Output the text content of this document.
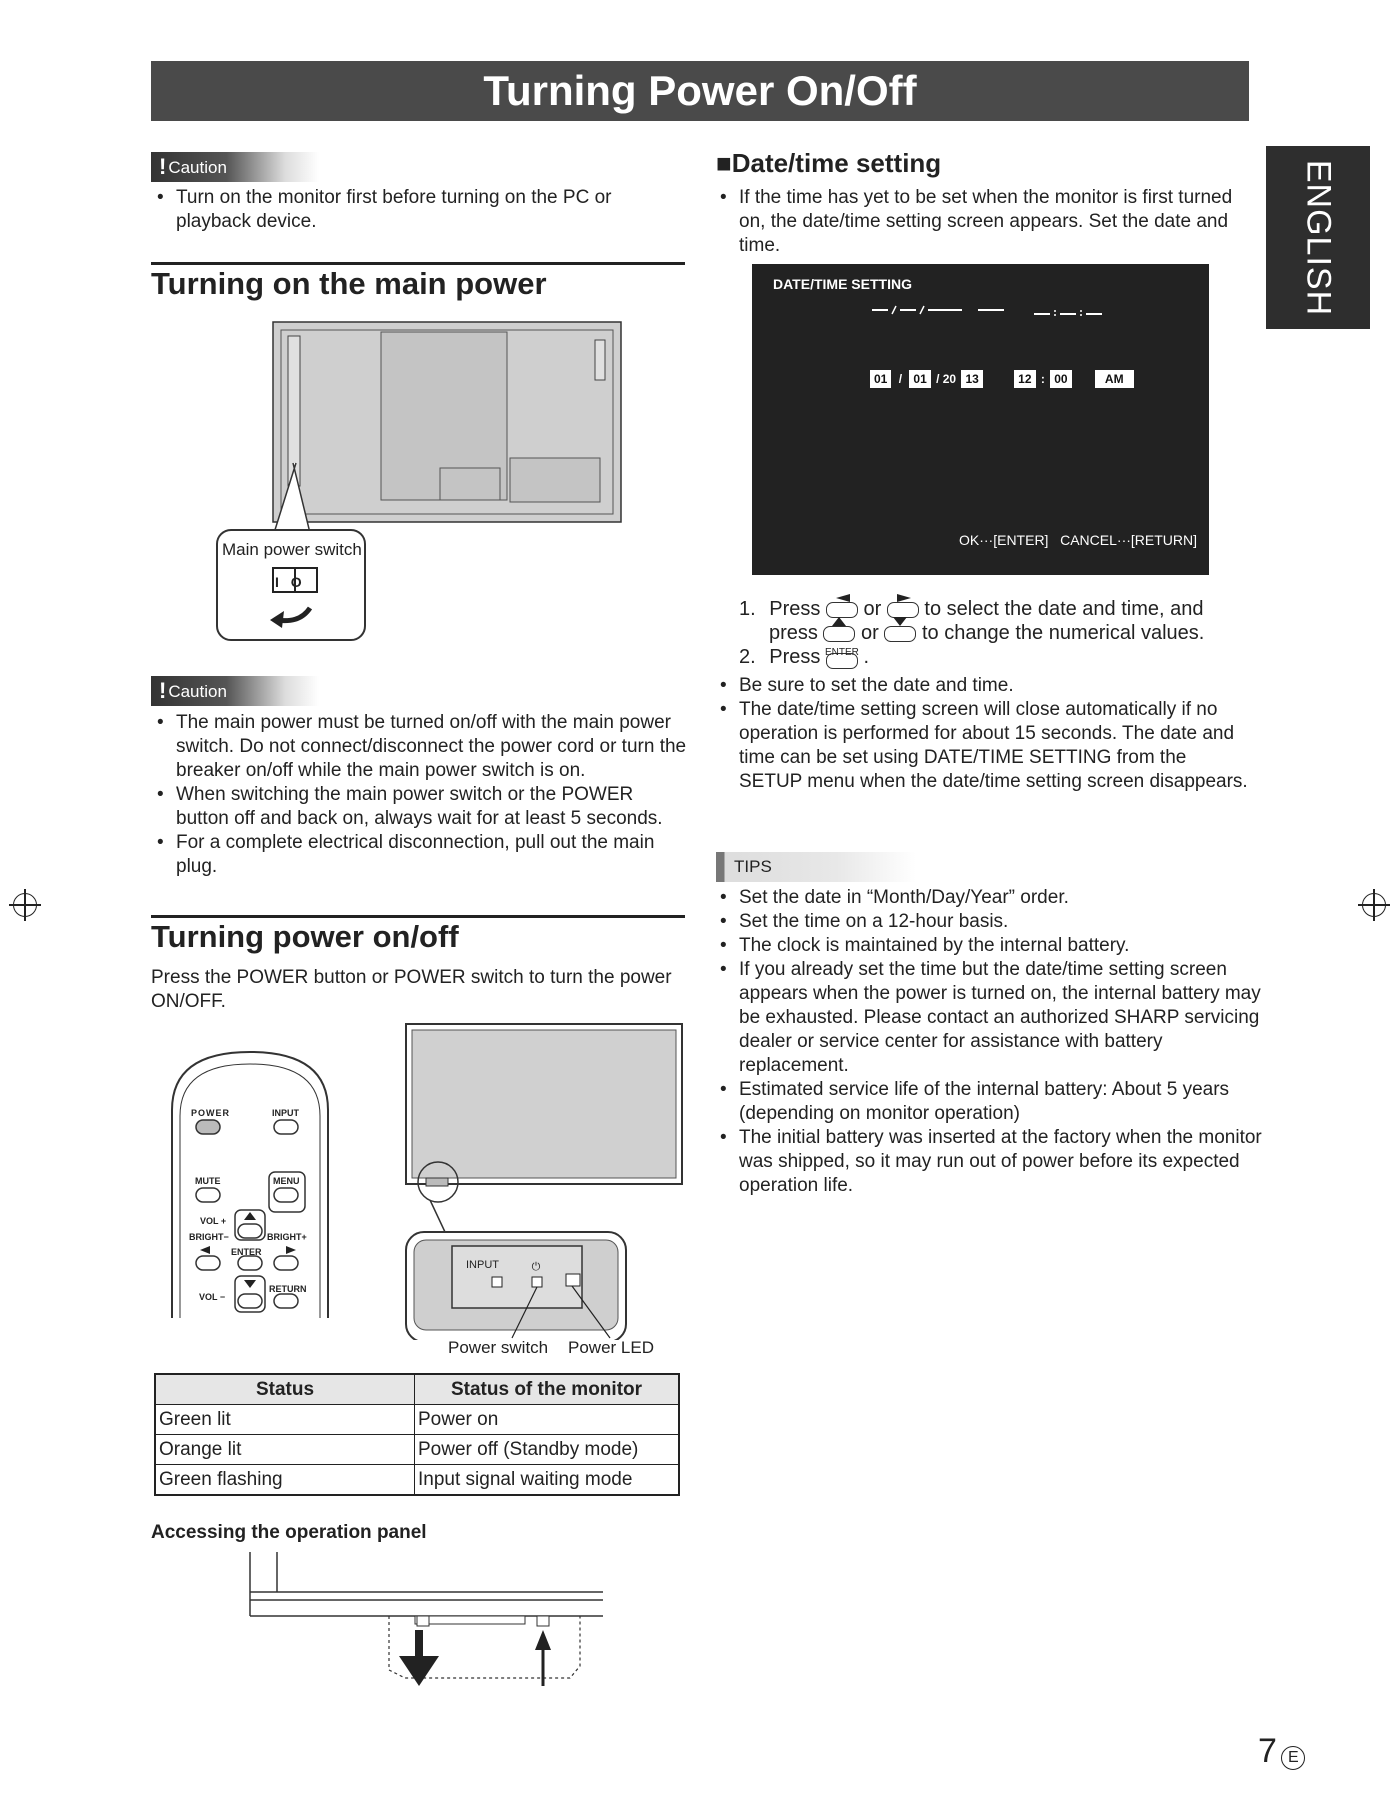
Turning Power On/Off
ENGLISH
! Caution
• Turn on the monitor first before turning on the PC or playback device.
Turning on the main power
Main power switch
I O
! Caution
• The main power must be turned on/off with the main power switch. Do not connect/disconnect the power cord or turn the breaker on/off while the main power switch is on.
• When switching the main power switch or the POWER button off and back on, always wait for at least 5 seconds.
• For a complete electrical disconnection, pull out the main plug.
Turning power on/off
Press the POWER button or POWER switch to turn the power ON/OFF.
POWER	INPUT
MUTE	MENU
VOL +
BRIGHT−	BRIGHT+
ENTER
RETURN
VOL −
⏻
INPUT
Power switch Power LED
Status	Status of the monitor
Green lit	Power on
Orange lit	Power off (Standby mode)
Green flashing	Input signal waiting mode
Accessing the operation panel
■Date/time setting
• If the time has yet to be set when the monitor is first turned on, the date/time setting screen appears. Set the date and time.
DATE/TIME SETTING
01 / 01 / 20 13	12 : 00	AM
OK···[ENTER]   CANCEL···[RETURN]
1. Press or to select the date and time, and
press or to change the numerical values.
2. Press ENTER .
• Be sure to set the date and time.
• The date/time setting screen will close automatically if no operation is performed for about 15 seconds. The date and time can be set using DATE/TIME SETTING from the SETUP menu when the date/time setting screen disappears.
TIPS
• Set the date in “Month/Day/Year” order.
• Set the time on a 12-hour basis.
• The clock is maintained by the internal battery.
• If you already set the time but the date/time setting screen appears when the power is turned on, the internal battery may be exhausted. Please contact an authorized SHARP servicing dealer or service center for assistance with battery replacement.
• Estimated service life of the internal battery: About 5 years (depending on monitor operation)
• The initial battery was inserted at the factory when the monitor was shipped, so it may run out of power before its expected operation life.
7 E
